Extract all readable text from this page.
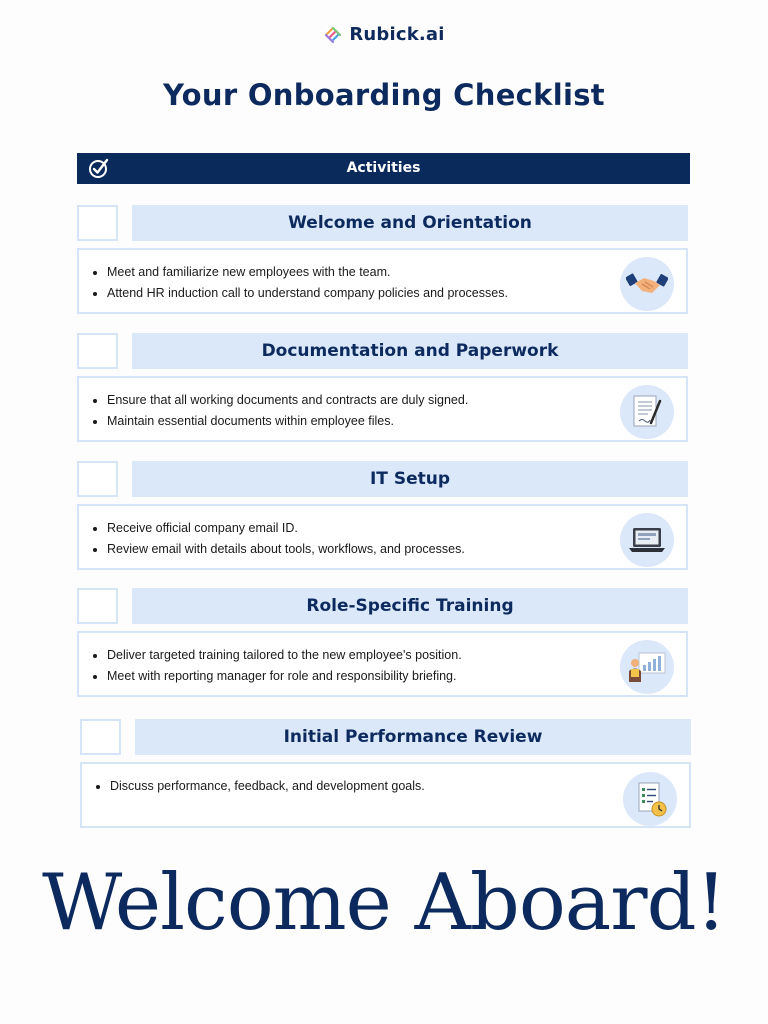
Rubick.ai
Your Onboarding Checklist
Activities
Welcome and Orientation
• Meet and familiarize new employees with the team.
• Attend HR induction call to understand company policies and processes.
Documentation and Paperwork
• Ensure that all working documents and contracts are duly signed.
• Maintain essential documents within employee files.
IT Setup
• Receive official company email ID.
• Review email with details about tools, workflows, and processes.
Role-Specific Training
• Deliver targeted training tailored to the new employee's position.
• Meet with reporting manager for role and responsibility briefing.
Initial Performance Review
• Discuss performance, feedback, and development goals.
Welcome Aboard!
